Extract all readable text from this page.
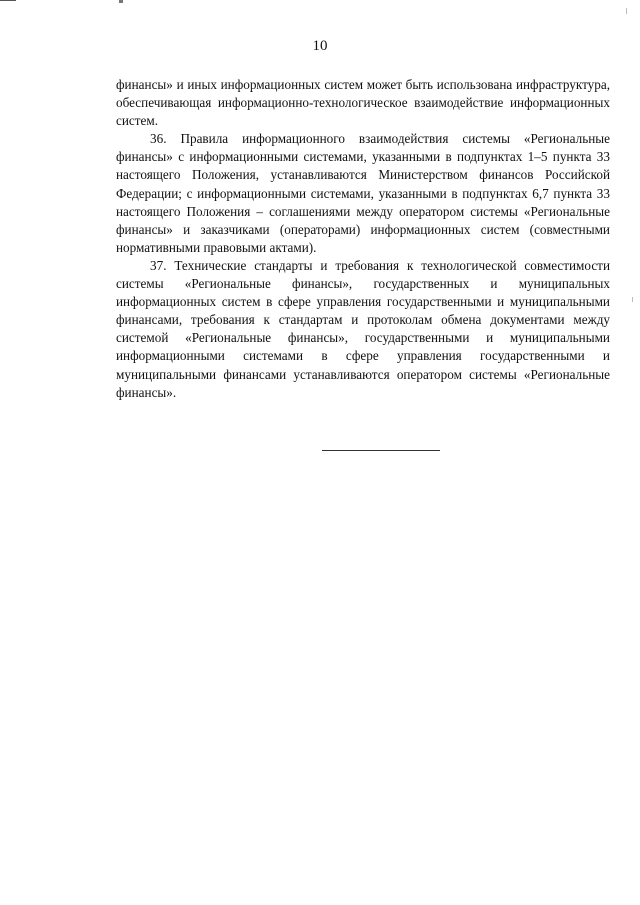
10

финансы» и иных информационных систем может быть использована инфраструктура, обеспечивающая информационно-технологическое взаимодействие информационных систем.

36. Правила информационного взаимодействия системы «Региональные финансы» с информационными системами, указанными в подпунктах 1–5 пункта 33 настоящего Положения, устанавливаются Министерством финансов Российской Федерации; с информационными системами, указанными в подпунктах 6,7 пункта 33 настоящего Положения – соглашениями между оператором системы «Региональные финансы» и заказчиками (операторами) информационных систем (совместными нормативными правовыми актами).

37. Технические стандарты и требования к технологической совместимости системы «Региональные финансы», государственных и муниципальных информационных систем в сфере управления государственными и муниципальными финансами, требования к стандартам и протоколам обмена документами между системой «Региональные финансы», государственными и муниципальными информационными системами в сфере управления государственными и муниципальными финансами устанавливаются оператором системы «Региональные финансы».
